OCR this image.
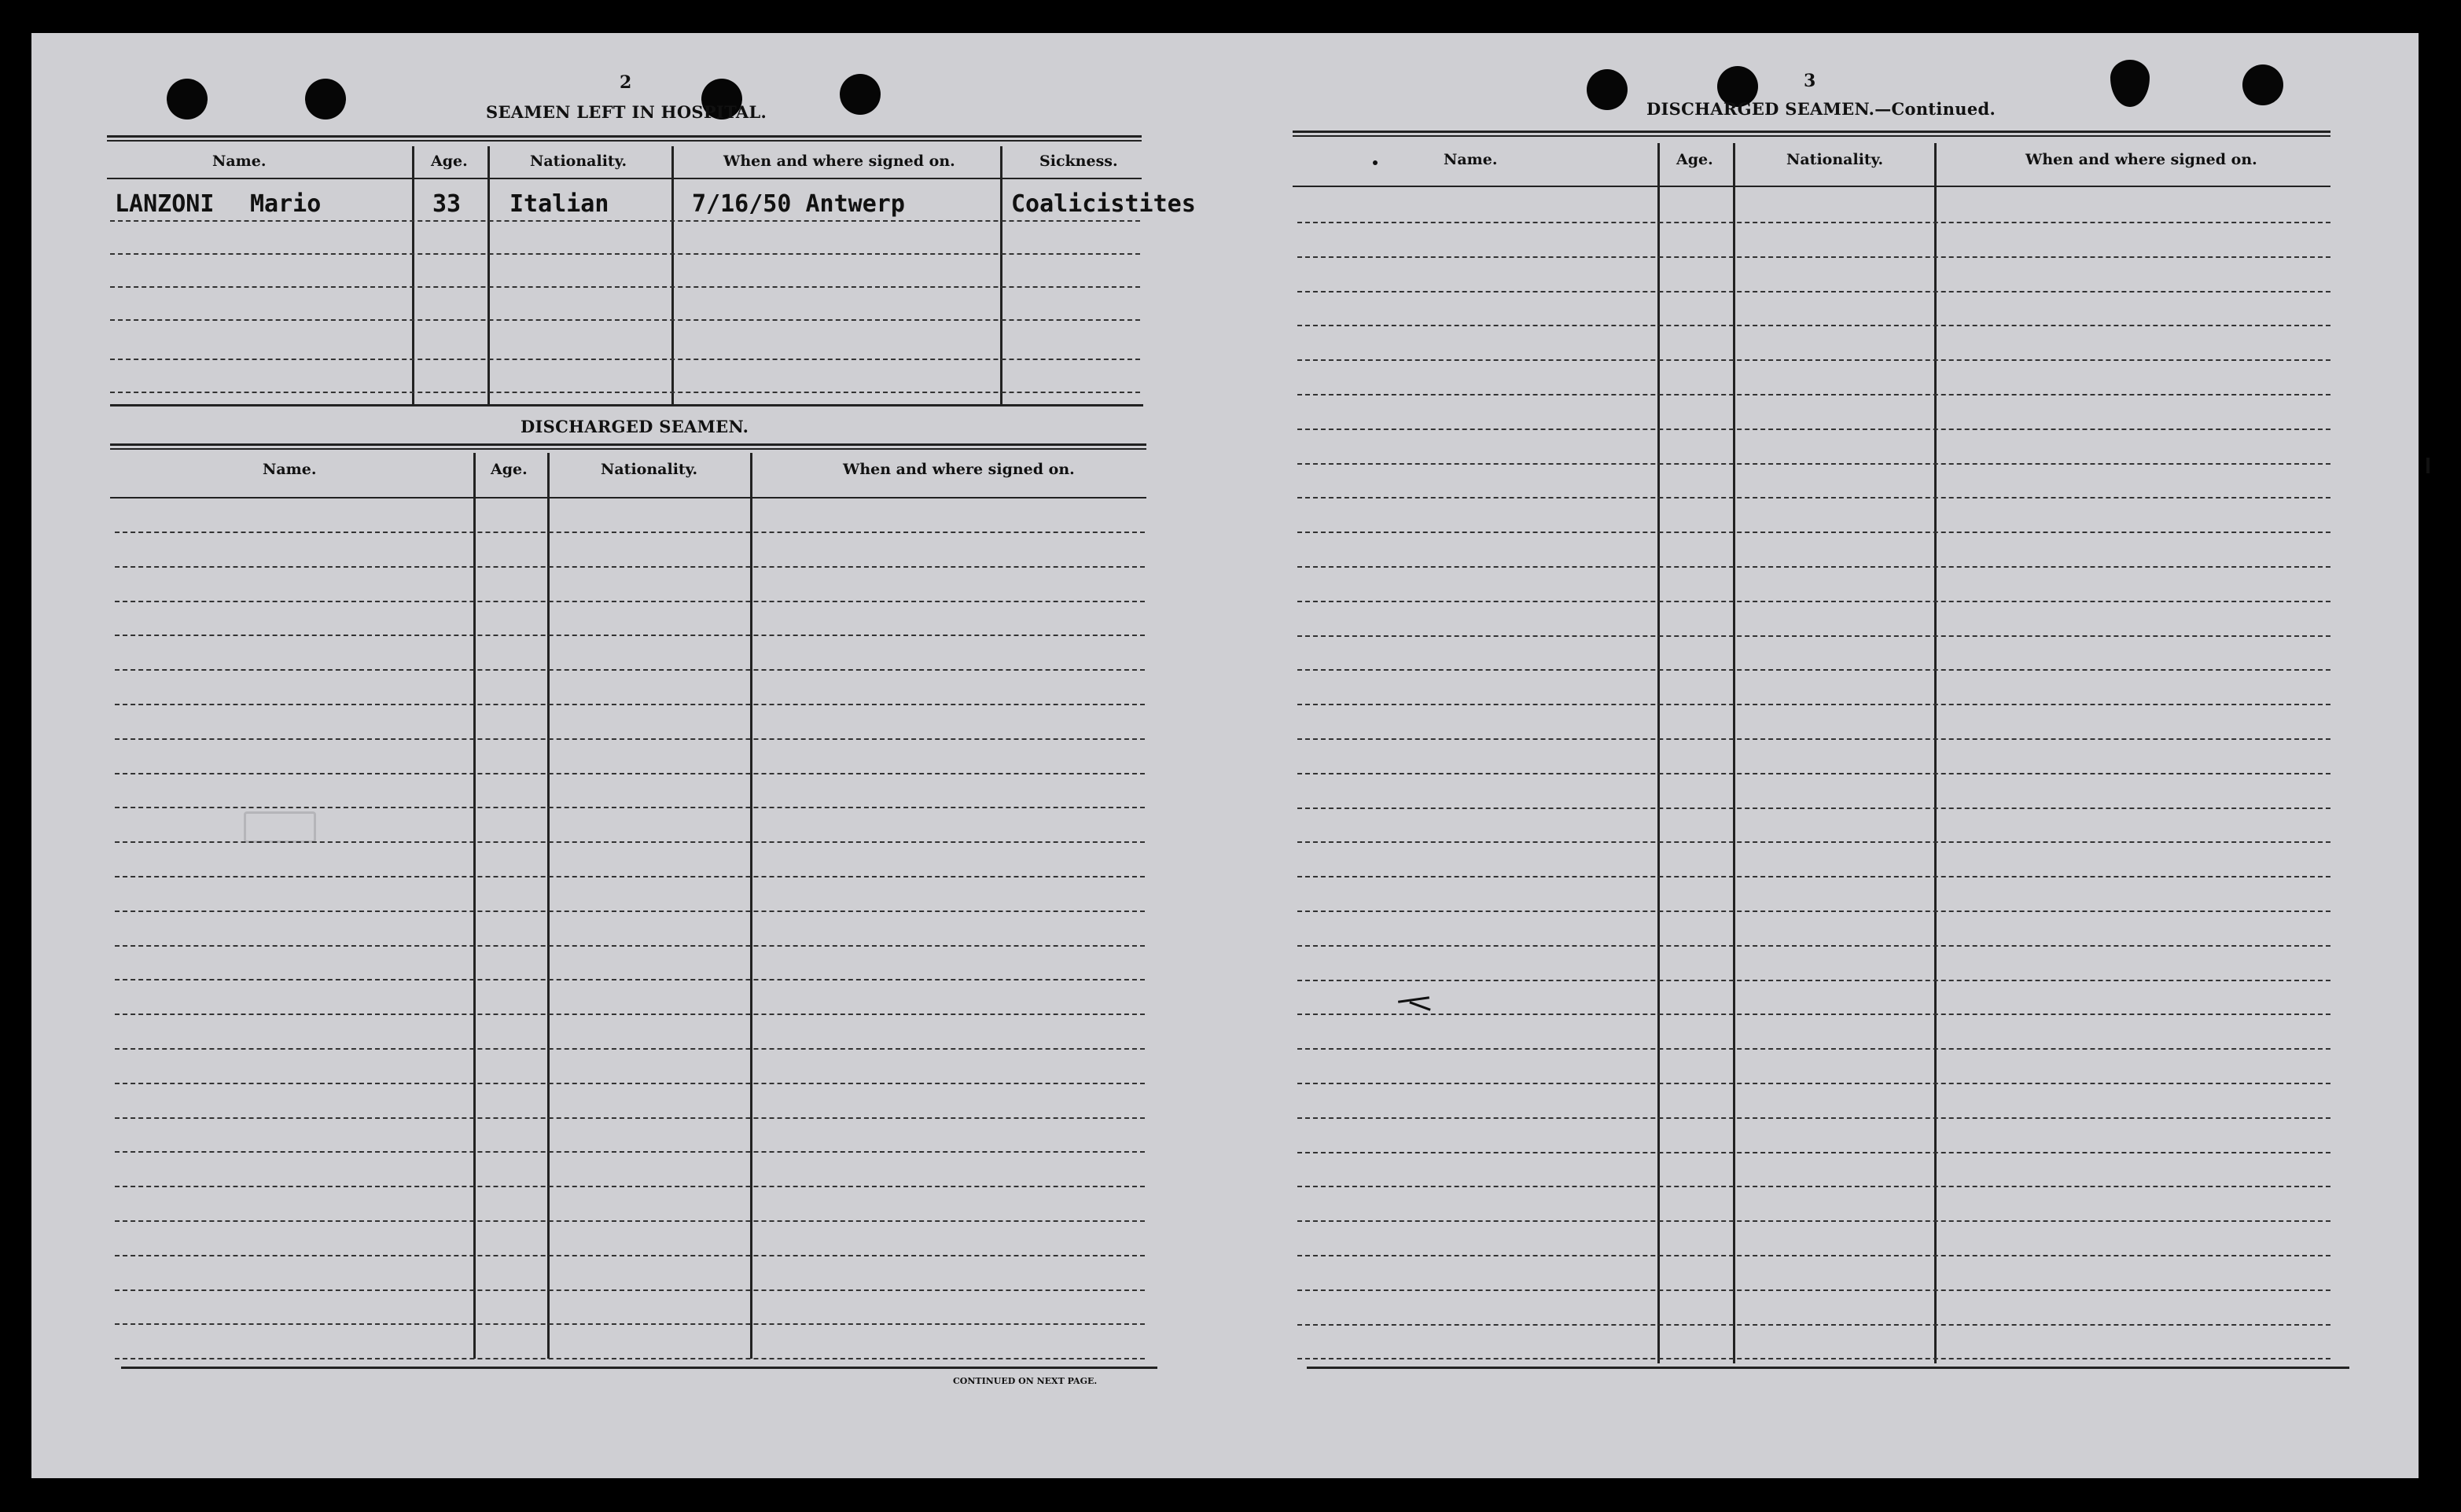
2
SEAMEN LEFT IN HOSPITAL.
Name.	Age.	Nationality.	When and where signed on.	Sickness.
LANZONI Mario	33 Italian	7/16/50 Antwerp	Coalicistites
DISCHARGED SEAMEN.
Name.	Age.	Nationality.	When and where signed on.
CONTINUED ON NEXT PAGE.
3
DISCHARGED SEAMEN.—Continued.
Name.	Age.	Nationality.	When and where signed on.
